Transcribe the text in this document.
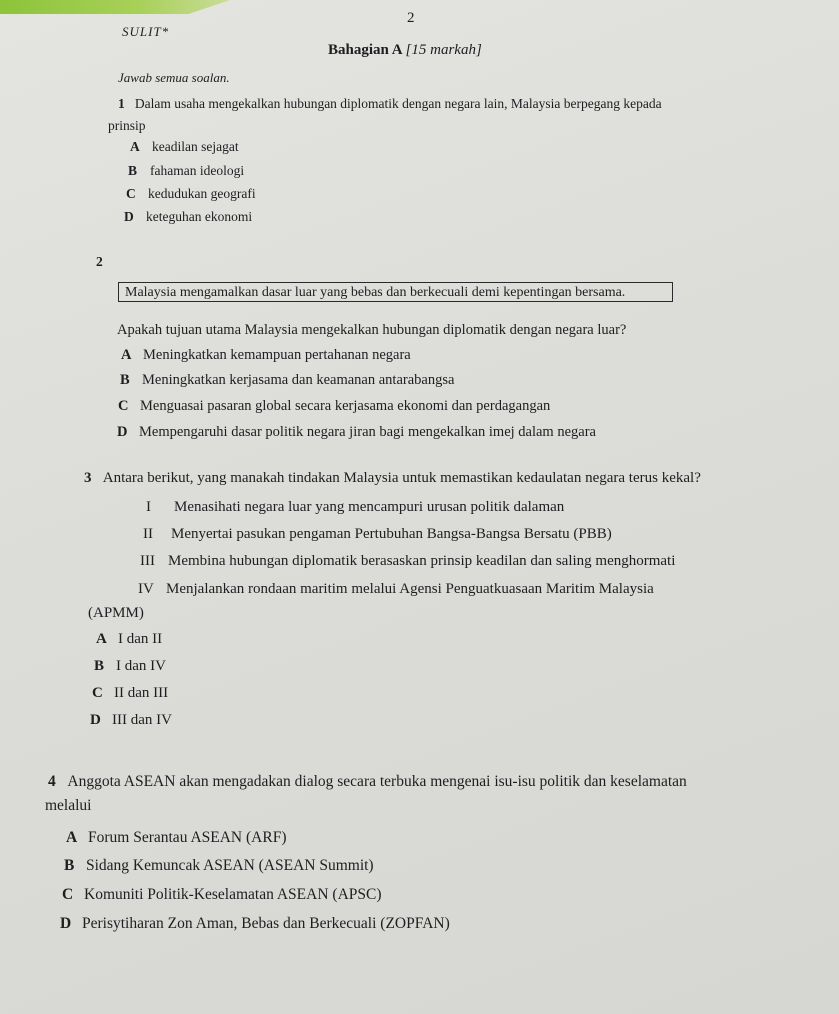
2
SULIT*
Bahagian A [15 markah]
Jawab semua soalan.
1 Dalam usaha mengekalkan hubungan diplomatik dengan negara lain, Malaysia berpegang kepada
prinsip
A keadilan sejagat
B fahaman ideologi
C kedudukan geografi
D keteguhan ekonomi
2
Malaysia mengamalkan dasar luar yang bebas dan berkecuali demi kepentingan bersama.
Apakah tujuan utama Malaysia mengekalkan hubungan diplomatik dengan negara luar?
A Meningkatkan kemampuan pertahanan negara
B Meningkatkan kerjasama dan keamanan antarabangsa
C Menguasai pasaran global secara kerjasama ekonomi dan perdagangan
D Mempengaruhi dasar politik negara jiran bagi mengekalkan imej dalam negara
3 Antara berikut, yang manakah tindakan Malaysia untuk memastikan kedaulatan negara terus kekal?
I Menasihati negara luar yang mencampuri urusan politik dalaman
II Menyertai pasukan pengaman Pertubuhan Bangsa-Bangsa Bersatu (PBB)
III Membina hubungan diplomatik berasaskan prinsip keadilan dan saling menghormati
IV Menjalankan rondaan maritim melalui Agensi Penguatkuasaan Maritim Malaysia
(APMM)
A I dan II
B I dan IV
C II dan III
D III dan IV
4 Anggota ASEAN akan mengadakan dialog secara terbuka mengenai isu-isu politik dan keselamatan
melalui
A Forum Serantau ASEAN (ARF)
B Sidang Kemuncak ASEAN (ASEAN Summit)
C Komuniti Politik-Keselamatan ASEAN (APSC)
D Perisytiharan Zon Aman, Bebas dan Berkecuali (ZOPFAN)
